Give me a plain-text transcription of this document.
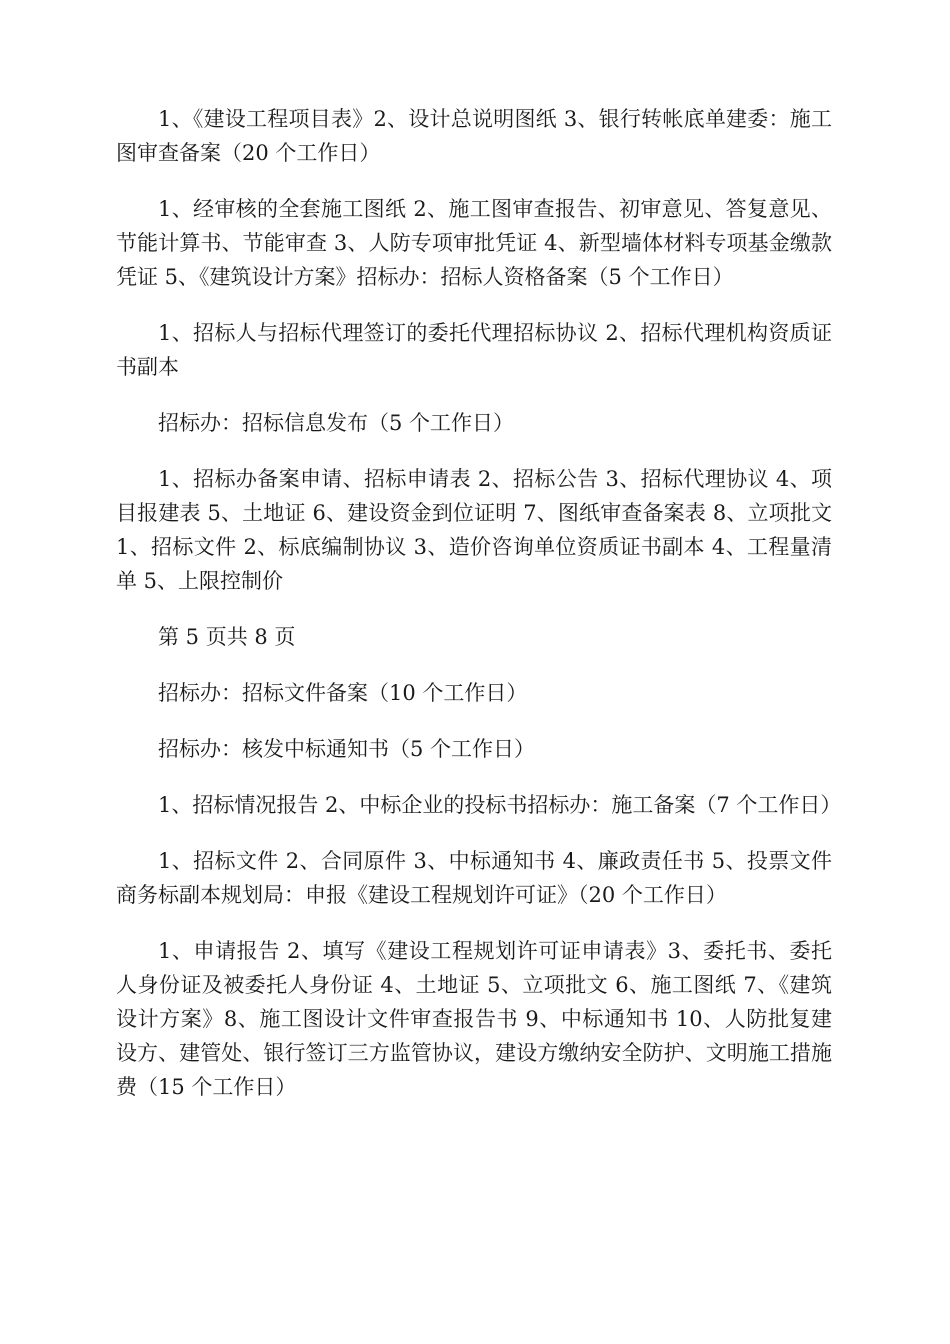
1、《建设工程项目表》2、设计总说明图纸 3、银行转帐底单建委：施工图审查备案（20 个工作日）

1、经审核的全套施工图纸 2、施工图审查报告、初审意见、答复意见、节能计算书、节能审查 3、人防专项审批凭证 4、新型墙体材料专项基金缴款凭证 5、《建筑设计方案》招标办：招标人资格备案（5 个工作日）

1、招标人与招标代理签订的委托代理招标协议 2、招标代理机构资质证书副本

招标办：招标信息发布（5 个工作日）

1、招标办备案申请、招标申请表 2、招标公告 3、招标代理协议 4、项目报建表 5、土地证 6、建设资金到位证明 7、图纸审查备案表 8、立项批文 1、招标文件 2、标底编制协议 3、造价咨询单位资质证书副本 4、工程量清单 5、上限控制价

第 5 页共 8 页

招标办：招标文件备案（10 个工作日）

招标办：核发中标通知书（5 个工作日）

1、招标情况报告 2、中标企业的投标书招标办：施工备案（7 个工作日）

1、招标文件 2、合同原件 3、中标通知书 4、廉政责任书 5、投票文件商务标副本规划局：申报《建设工程规划许可证》（20 个工作日）

1、申请报告 2、填写《建设工程规划许可证申请表》3、委托书、委托人身份证及被委托人身份证 4、土地证 5、立项批文 6、施工图纸 7、《建筑设计方案》8、施工图设计文件审查报告书 9、中标通知书 10、人防批复建设方、建管处、银行签订三方监管协议，建设方缴纳安全防护、文明施工措施费（15 个工作日）
